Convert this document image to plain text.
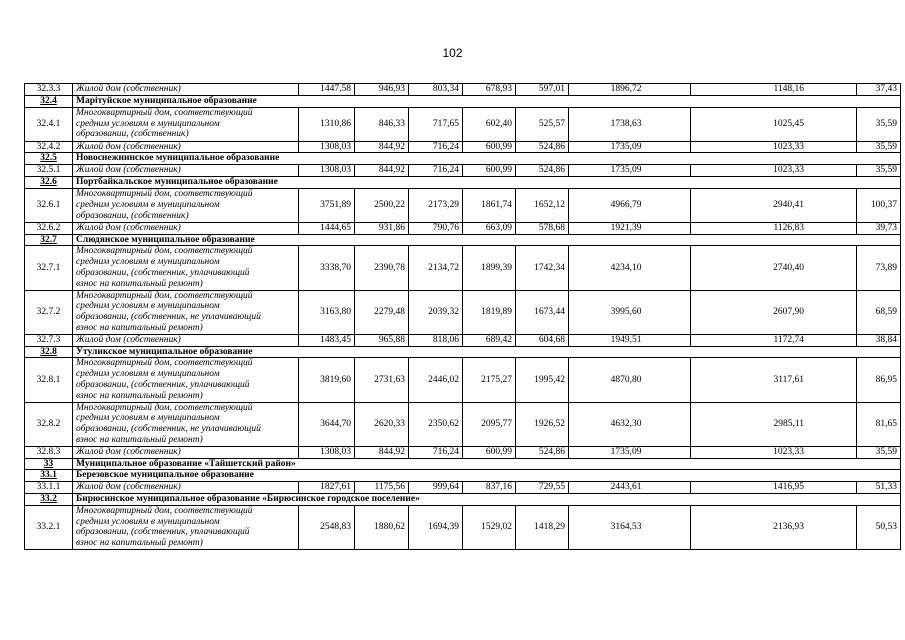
102
32.3.3	Жилой дом (собственник)	1447,58	946,93	803,34	678,93	597,01	1896,72	1148,16	37,43
32.4	Марітуйское муниципальное образование								
32.4.1	Многоквартирный дом, соответствующий
средним условиям в муниципальном
образовании, (собственник)	1310,86	846,33	717,65	602,40	525,57	1738,63	1025,45	35,59
32.4.2	Жилой дом (собственник)	1308,03	844,92	716,24	600,99	524,86	1735,09	1023,33	35,59
32.5	Новоснежнинское муниципальное образование								
32.5.1	Жилой дом (собственник)	1308,03	844,92	716,24	600,99	524,86	1735,09	1023,33	35,59
32.6	Портбайкальское муниципальное образование								
32.6.1	Многоквартирный дом, соответствующий
средним условиям в муниципальном
образовании, (собственник)	3751,89	2500,22	2173,29	1861,74	1652,12	4966,79	2940,41	100,37
32.6.2	Жилой дом (собственник)	1444,65	931,86	790,76	663,09	578,68	1921,39	1126,83	39,73
32.7	Слюдянское муниципальное образование								
32.7.1	Многоквартирный дом, соответствующий
средним условиям в муниципальном
образовании, (собственник, уплачивающий
взнос на капитальный ремонт)	3338,70	2390,78	2134,72	1899,39	1742,34	4234,10	2740,40	73,89
32.7.2	Многоквартирный дом, соответствующий
средним условиям в муниципальном
образовании, (собственник, не уплачивающий
взнос на капитальный ремонт)	3163,80	2279,48	2039,32	1819,89	1673,44	3995,60	2607,90	68,59
32.7.3	Жилой дом (собственник)	1483,45	965,88	818,06	689,42	604,68	1949,51	1172,74	38,84
32.8	Утуликское муниципальное образование								
32.8.1	Многоквартирный дом, соответствующий
средним условиям в муниципальном
образовании, (собственник, уплачивающий
взнос на капитальный ремонт)	3819,60	2731,63	2446,02	2175,27	1995,42	4870,80	3117,61	86,95
32.8.2	Многоквартирный дом, соответствующий
средним условиям в муниципальном
образовании, (собственник, не уплачивающий
взнос на капитальный ремонт)	3644,70	2620,33	2350,62	2095,77	1926,52	4632,30	2985,11	81,65
32.8.3	Жилой дом (собственник)	1308,03	844,92	716,24	600,99	524,86	1735,09	1023,33	35,59
33	Муниципальное образование «Тайшетский район»								
33.1	Березовское муниципальное образование								
33.1.1	Жилой дом (собственник)	1827,61	1175,56	999,64	837,16	729,55	2443,61	1416,95	51,33
33.2	Бирюсинское муниципальное образование «Бирюсинское городское поселение»								
33.2.1	Многоквартирный дом, соответствующий
средним условиям в муниципальном
образовании, (собственник, уплачивающий
взнос на капитальный ремонт)	2548,83	1880,62	1694,39	1529,02	1418,29	3164,53	2136,93	50,53
